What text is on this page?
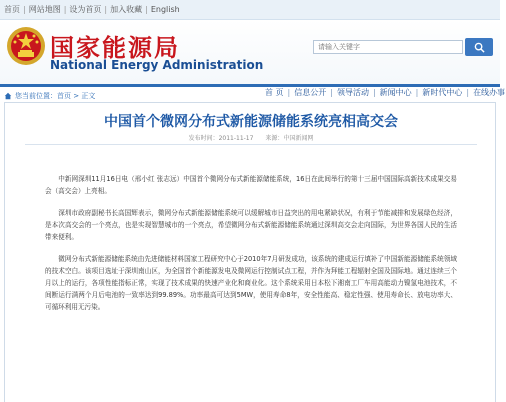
首页 | 网站地图 | 设为首页 | 加入收藏 | English
国家能源局
National Energy Administration
请输入关键字
首 页 | 信息公开 | 领导活动 | 新闻中心 | 新时代中心 | 在线办事
您当前位置 ： 首页 > 正文
中国首个微网分布式新能源储能系统亮相高交会
发布时间：2011-11-17　　来源：中国新闻网

中新网深圳11月16日电（邢小红 张志远）中国首个微网分布式新能源储能系统，16日在此间举行的第十三届中国国际高新技术成果交易会（高交会）上亮相。

深圳市政府副秘书长高国辉表示，微网分布式新能源储能系统可以缓解城市日益突出的用电紧缺状况，有利于节能减排和发展绿色经济，是本次高交会的一个亮点，也是实现智慧城市的一个亮点，希望微网分布式新能源储能系统通过深圳高交会走向国际，为世界各国人民的生活带来便利。

微网分布式新能源储能系统由先进储能材料国家工程研究中心于2010年7月研发成功，该系统的建成运行填补了中国新能源储能系统领域的技术空白。该项目选址于深圳南山区，为全国首个新能源发电及微网运行控制试点工程，并作为拜能工程辐射全国及国际地。通过连续三个月以上的运行，各项性能指标正常，实现了技术成果的快速产业化和商业化。这个系统采用日本松下湘南工厂车用高能动力镍氢电池技术，不间断运行满两个月后电池的一致率达到99.89%。功率最高可达到5MW，使用寿命8年，安全性能高、稳定性强、使用寿命长、放电功率大、可循环利用无污染。
